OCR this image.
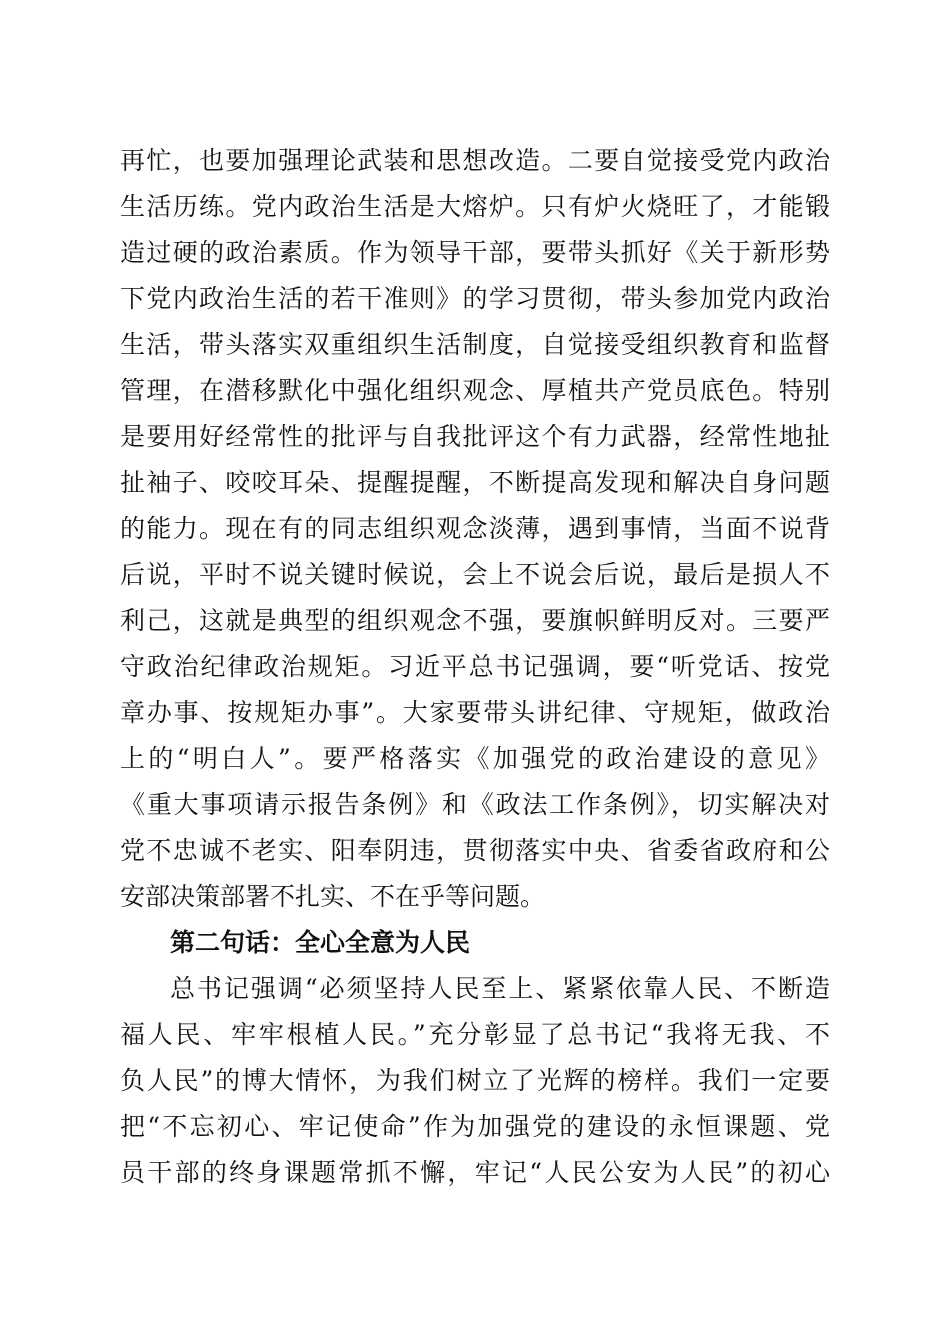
再忙，也要加强理论武装和思想改造。二要自觉接受党内政治
生活历练。党内政治生活是大熔炉。只有炉火烧旺了，才能锻
造过硬的政治素质。作为领导干部，要带头抓好《关于新形势
下党内政治生活的若干准则》的学习贯彻，带头参加党内政治
生活，带头落实双重组织生活制度，自觉接受组织教育和监督
管理，在潜移默化中强化组织观念、厚植共产党员底色。特别
是要用好经常性的批评与自我批评这个有力武器，经常性地扯
扯袖子、咬咬耳朵、提醒提醒，不断提高发现和解决自身问题
的能力。现在有的同志组织观念淡薄，遇到事情，当面不说背
后说，平时不说关键时候说，会上不说会后说，最后是损人不
利己，这就是典型的组织观念不强，要旗帜鲜明反对。三要严
守政治纪律政治规矩。习近平总书记强调，要“听党话、按党
章办事、按规矩办事”。大家要带头讲纪律、守规矩，做政治
上的“明白人”。要严格落实《加强党的政治建设的意见》
《重大事项请示报告条例》和《政法工作条例》，切实解决对
党不忠诚不老实、阳奉阴违，贯彻落实中央、省委省政府和公
安部决策部署不扎实、不在乎等问题。
第二句话：全心全意为人民
总书记强调“必须坚持人民至上、紧紧依靠人民、不断造
福人民、牢牢根植人民。”充分彰显了总书记“我将无我、不
负人民”的博大情怀，为我们树立了光辉的榜样。我们一定要
把“不忘初心、牢记使命”作为加强党的建设的永恒课题、党
员干部的终身课题常抓不懈，牢记“人民公安为人民”的初心
